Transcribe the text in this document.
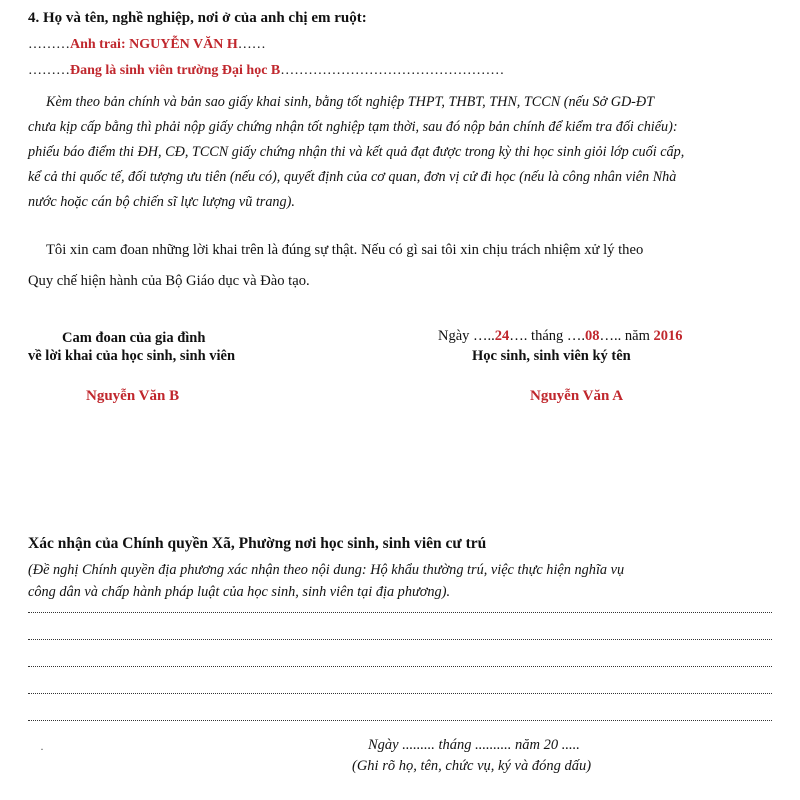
4. Họ và tên, nghề nghiệp, nơi ở của anh chị em ruột:
………Anh trai: NGUYỄN VĂN H……
………Đang là sinh viên trường Đại học B…………………………………………
Kèm theo bản chính và bản sao giấy khai sinh, bằng tốt nghiệp THPT, THBT, THN, TCCN (nếu Sở GD-ĐT
chưa kịp cấp bằng thì phải nộp giấy chứng nhận tốt nghiệp tạm thời, sau đó nộp bản chính để kiểm tra đối chiếu):
phiếu báo điểm thi ĐH, CĐ, TCCN giấy chứng nhận thi và kết quả đạt được trong kỳ thi học sinh giỏi lớp cuối cấp,
kể cả thi quốc tế, đối tượng ưu tiên (nếu có), quyết định của cơ quan, đơn vị cử đi học (nếu là công nhân viên Nhà
nước hoặc cán bộ chiến sĩ lực lượng vũ trang).
Tôi xin cam đoan những lời khai trên là đúng sự thật. Nếu có gì sai tôi xin chịu trách nhiệm xử lý theo
Quy chế hiện hành của Bộ Giáo dục và Đào tạo.
Cam đoan của gia đình
về lời khai của học sinh, sinh viên
Nguyễn Văn B
Ngày …..24…. tháng ….08….. năm 2016
Học sinh, sinh viên ký tên
Nguyễn Văn A
Xác nhận của Chính quyền Xã, Phường nơi học sinh, sinh viên cư trú
(Đề nghị Chính quyền địa phương xác nhận theo nội dung: Hộ khẩu thường trú, việc thực hiện nghĩa vụ
công dân và chấp hành pháp luật của học sinh, sinh viên tại địa phương).
·	Ngày ......... tháng .......... năm 20 .....
(Ghi rõ họ, tên, chức vụ, ký và đóng dấu)
